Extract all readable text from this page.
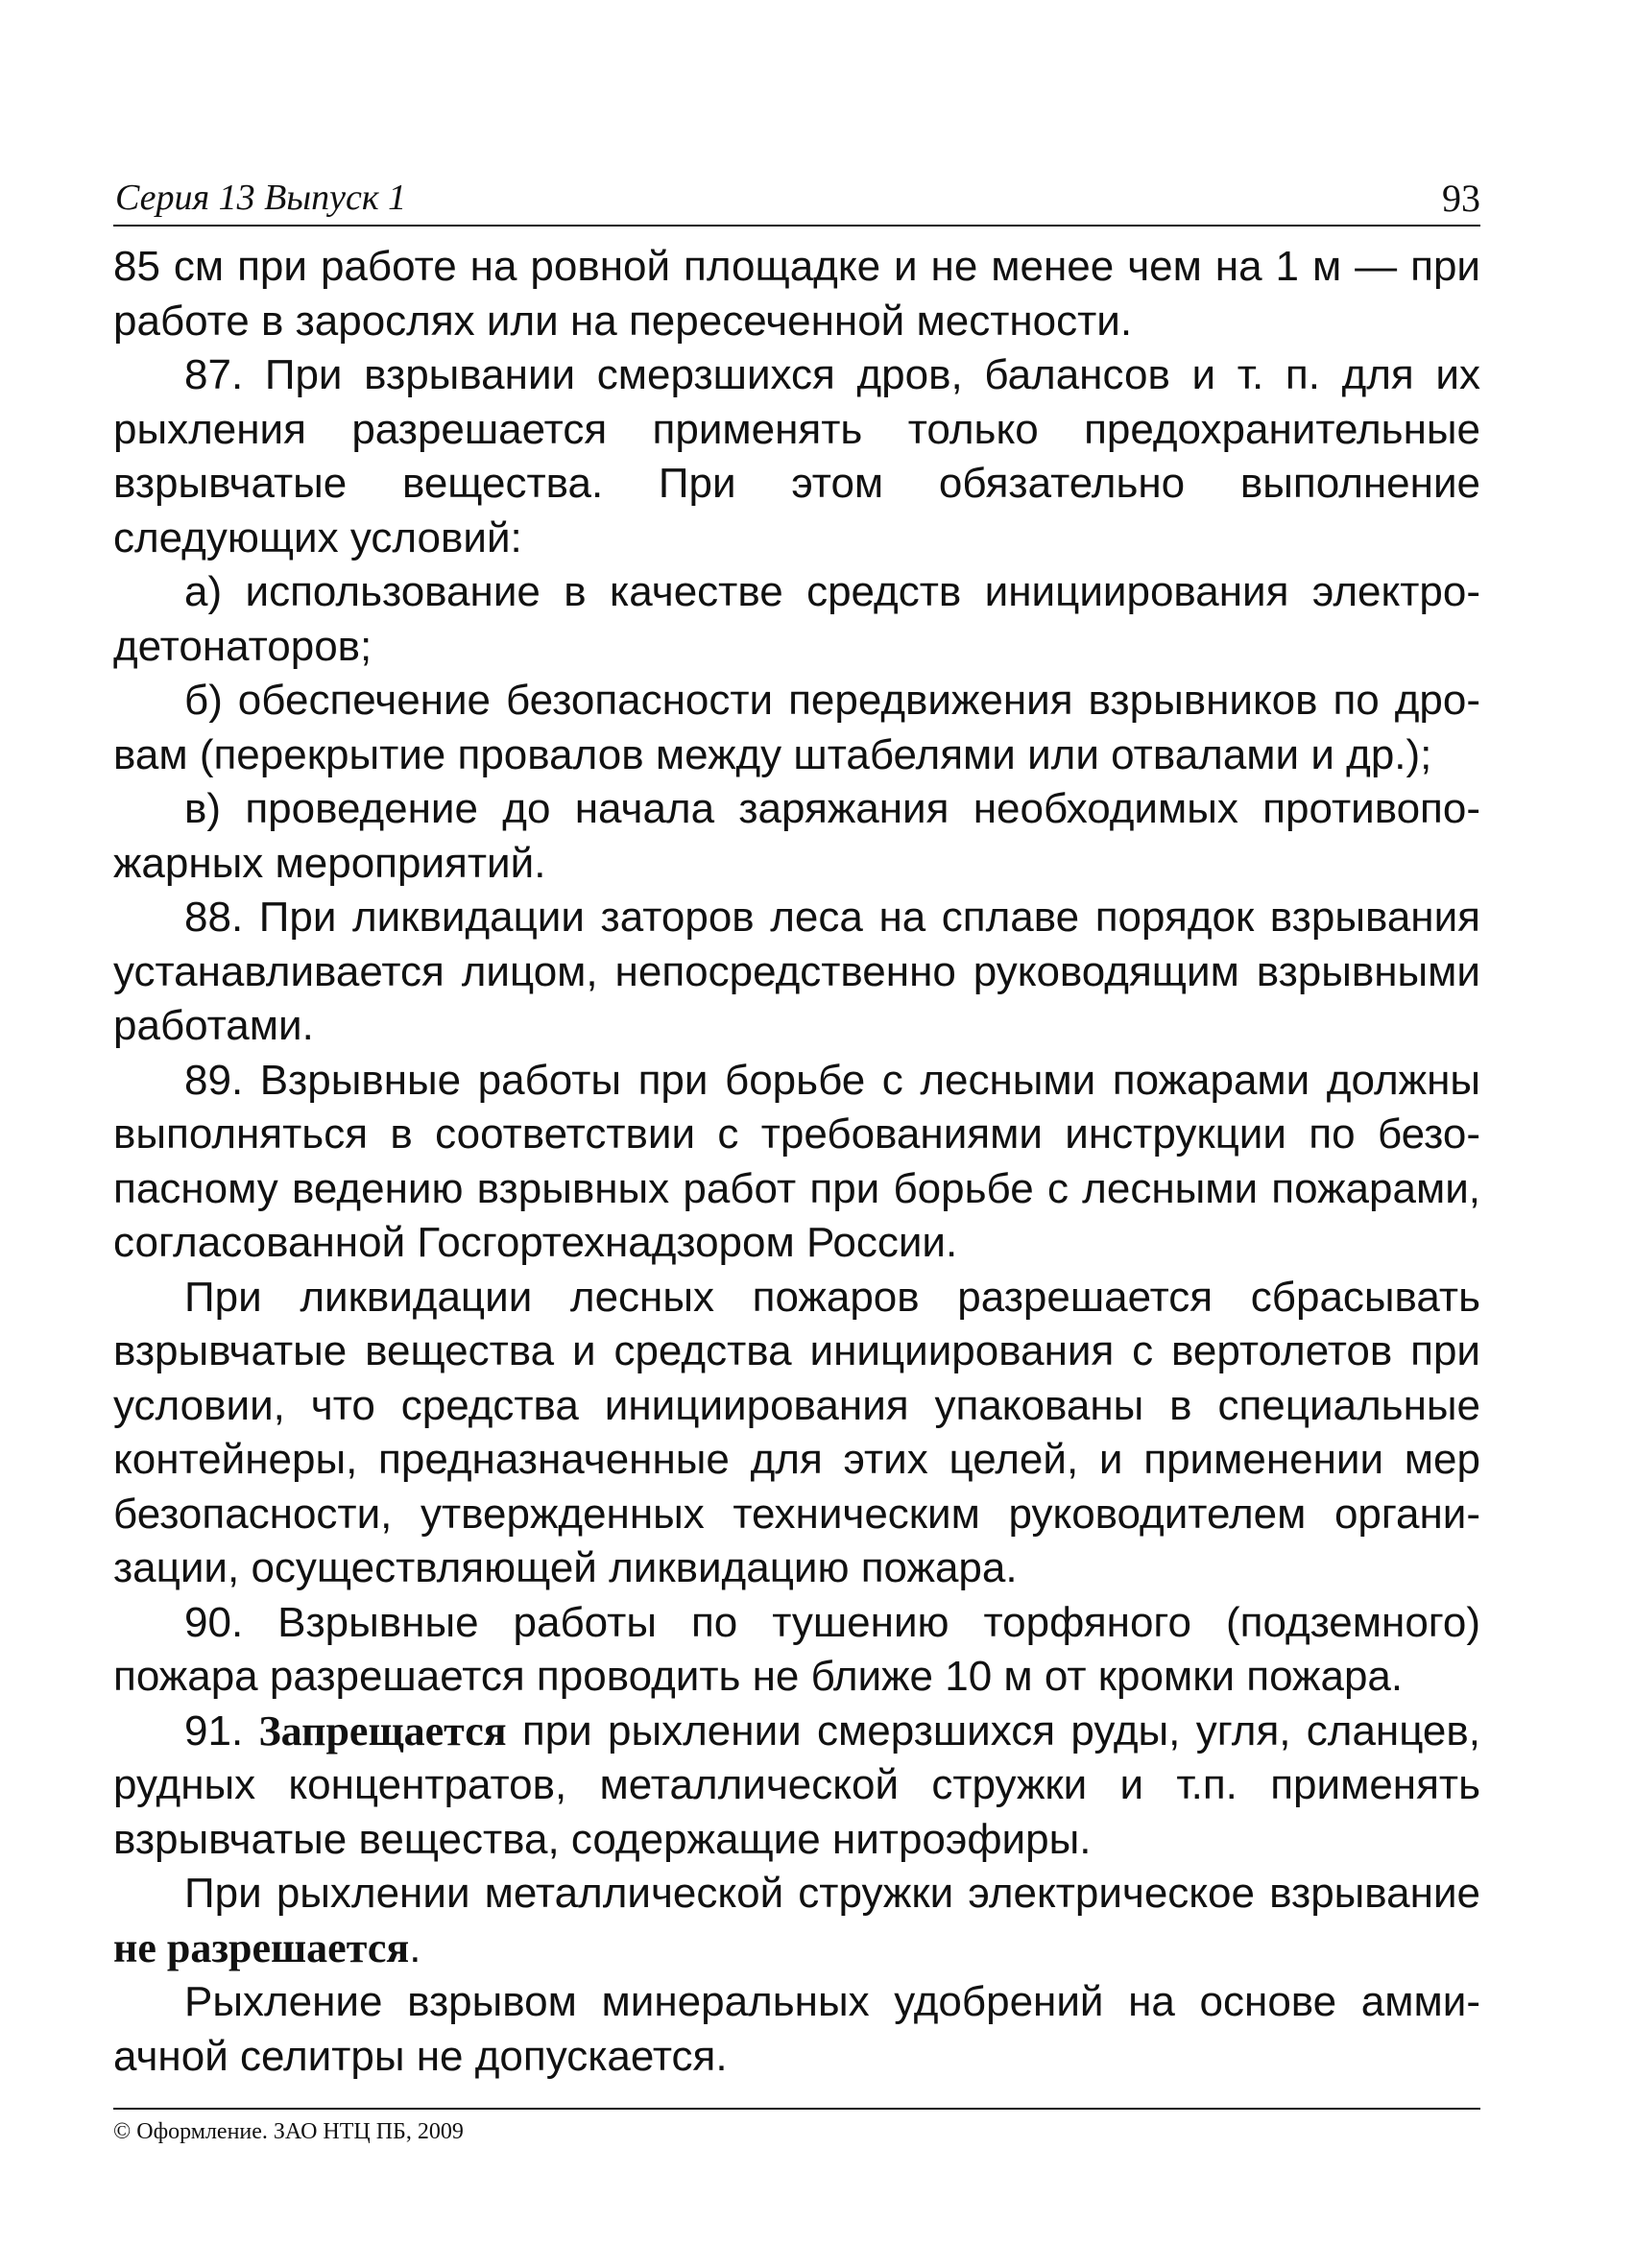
Серия 13 Выпуск 1	93

85 см при работе на ровной площадке и не менее чем на 1 м — при работе в зарослях или на пересеченной местности.

87. При взрывании смерзшихся дров, балансов и т. п. для их рыхления разрешается применять только предохранительные взрывчатые вещества. При этом обязательно выполнение следующих условий:

а) использование в качестве средств инициирования электродетонаторов;

б) обеспечение безопасности передвижения взрывников по дровам (перекрытие провалов между штабелями или отвалами и др.);

в) проведение до начала заряжания необходимых противопожарных мероприятий.

88. При ликвидации заторов леса на сплаве порядок взрывания устанавливается лицом, непосредственно руководящим взрывными работами.

89. Взрывные работы при борьбе с лесными пожарами должны выполняться в соответствии с требованиями инструкции по безопасному ведению взрывных работ при борьбе с лесными пожарами, согласованной Госгортехнадзором России.

При ликвидации лесных пожаров разрешается сбрасывать взрывчатые вещества и средства инициирования с вертолетов при условии, что средства инициирования упакованы в специальные контейнеры, предназначенные для этих целей, и применении мер безопасности, утвержденных техническим руководителем организации, осуществляющей ликвидацию пожара.

90. Взрывные работы по тушению торфяного (подземного) пожара разрешается проводить не ближе 10 м от кромки пожара.

91. Запрещается при рыхлении смерзшихся руды, угля, сланцев, рудных концентратов, металлической стружки и т.п. применять взрывчатые вещества, содержащие нитроэфиры.

При рыхлении металлической стружки электрическое взрывание не разрешается.

Рыхление взрывом минеральных удобрений на основе аммиачной селитры не допускается.

© Оформление. ЗАО НТЦ ПБ, 2009
